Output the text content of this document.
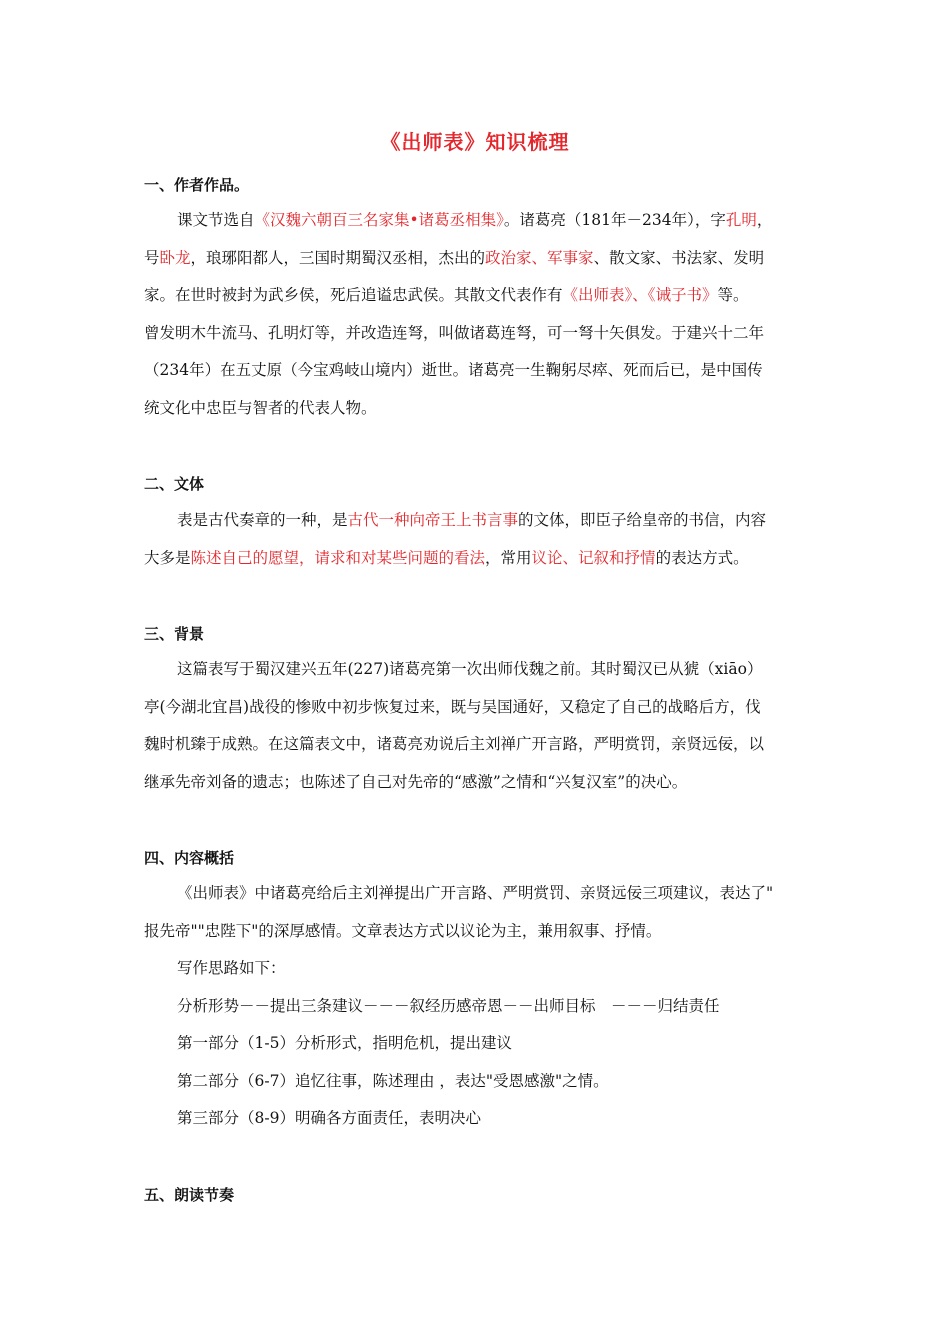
《出师表》知识梳理
一、作者作品。
课文节选自《汉魏六朝百三名家集•诸葛丞相集》。诸葛亮（181年－234年），字孔明，
号卧龙，琅琊阳都人，三国时期蜀汉丞相，杰出的政治家、军事家、散文家、书法家、发明
家。在世时被封为武乡侯，死后追谥忠武侯。其散文代表作有《出师表》、《诫子书》等。
曾发明木牛流马、孔明灯等，并改造连弩，叫做诸葛连弩，可一弩十矢俱发。于建兴十二年
（234年）在五丈原（今宝鸡岐山境内）逝世。诸葛亮一生鞠躬尽瘁、死而后已，是中国传
统文化中忠臣与智者的代表人物。
二、文体
表是古代奏章的一种，是古代一种向帝王上书言事的文体，即臣子给皇帝的书信，内容
大多是陈述自己的愿望，请求和对某些问题的看法，常用议论、记叙和抒情的表达方式。
三、背景
这篇表写于蜀汉建兴五年(227)诸葛亮第一次出师伐魏之前。其时蜀汉已从猇（xiāo）
亭(今湖北宜昌)战役的惨败中初步恢复过来，既与吴国通好，又稳定了自己的战略后方，伐
魏时机臻于成熟。在这篇表文中，诸葛亮劝说后主刘禅广开言路，严明赏罚，亲贤远佞，以
继承先帝刘备的遗志；也陈述了自己对先帝的“感激”之情和“兴复汉室”的决心。
四、内容概括
《出师表》中诸葛亮给后主刘禅提出广开言路、严明赏罚、亲贤远佞三项建议，表达了"
报先帝""忠陛下"的深厚感情。文章表达方式以议论为主，兼用叙事、抒情。
写作思路如下：
分析形势－－提出三条建议－－－叙经历感帝恩－－出师目标　－－－归结责任
第一部分（1-5）分析形式，指明危机，提出建议
第二部分（6-7）追忆往事，陈述理由 ，表达"受恩感激"之情。
第三部分（8-9）明确各方面责任，表明决心
五、朗读节奏
